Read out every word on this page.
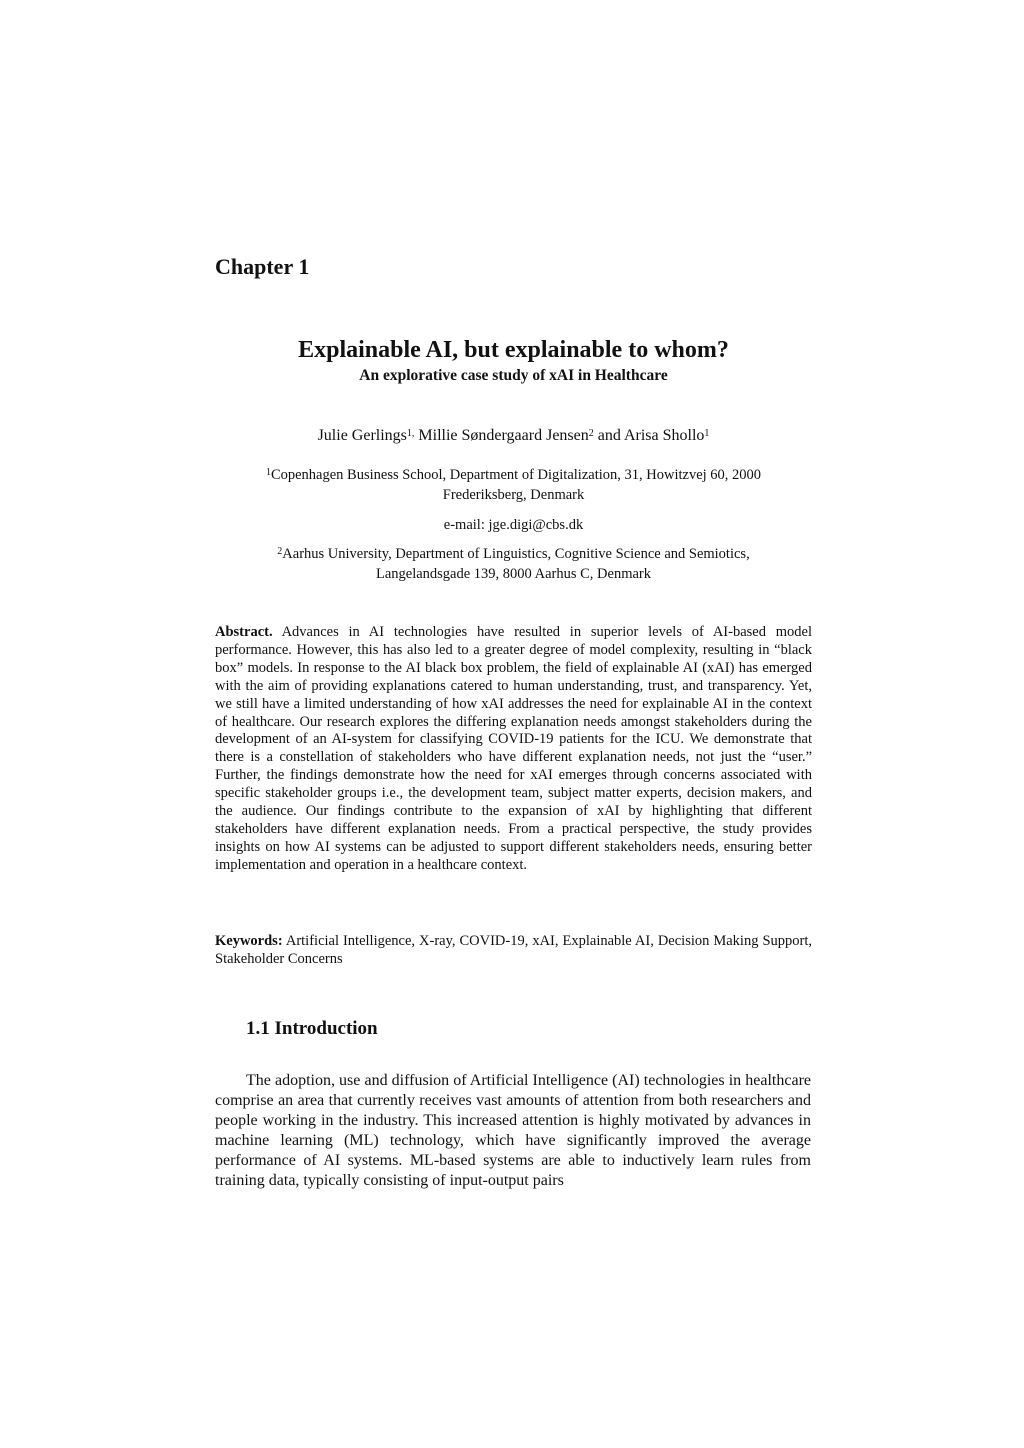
Chapter 1
Explainable AI, but explainable to whom?

An explorative case study of xAI in Healthcare

Julie Gerlings$^{1,}$ Millie Søndergaard Jensen$^2$ and Arisa Shollo$^1$
$^1$Copenhagen Business School, Department of Digitalization, 31, Howitzvej 60, 2000
Frederiksberg, Denmark
e-mail: jge.digi@cbs.dk
$^2$Aarhus University, Department of Linguistics, Cognitive Science and Semiotics,
Langelandsgade 139, 8000 Aarhus C, Denmark

Abstract. Advances in AI technologies have resulted in superior levels of AI-based model performance. However, this has also led to a greater degree of model complexity, resulting in “black box” models. In response to the AI black box problem, the field of explainable AI (xAI) has emerged with the aim of providing explanations catered to human understanding, trust, and transparency. Yet, we still have a limited understanding of how xAI addresses the need for explainable AI in the context of healthcare. Our research explores the differing explanation needs amongst stakeholders during the development of an AI-system for classifying COVID-19 patients for the ICU. We demonstrate that there is a constellation of stakeholders who have different explanation needs, not just the “user.” Further, the findings demonstrate how the need for xAI emerges through concerns associated with specific stakeholder groups i.e., the development team, subject matter experts, decision makers, and the audience. Our findings contribute to the expansion of xAI by highlighting that different stakeholders have different explanation needs. From a practical perspective, the study provides insights on how AI systems can be adjusted to support different stakeholders needs, ensuring better implementation and operation in a healthcare context.

Keywords: Artificial Intelligence, X-ray, COVID-19, xAI, Explainable AI, Decision Making Support, Stakeholder Concerns

1.1 Introduction

The adoption, use and diffusion of Artificial Intelligence (AI) technologies in healthcare comprise an area that currently receives vast amounts of attention from both researchers and people working in the industry. This increased attention is highly motivated by advances in machine learning (ML) technology, which have significantly improved the average performance of AI systems. ML-based systems are able to inductively learn rules from training data, typically consisting of input-output pairs
